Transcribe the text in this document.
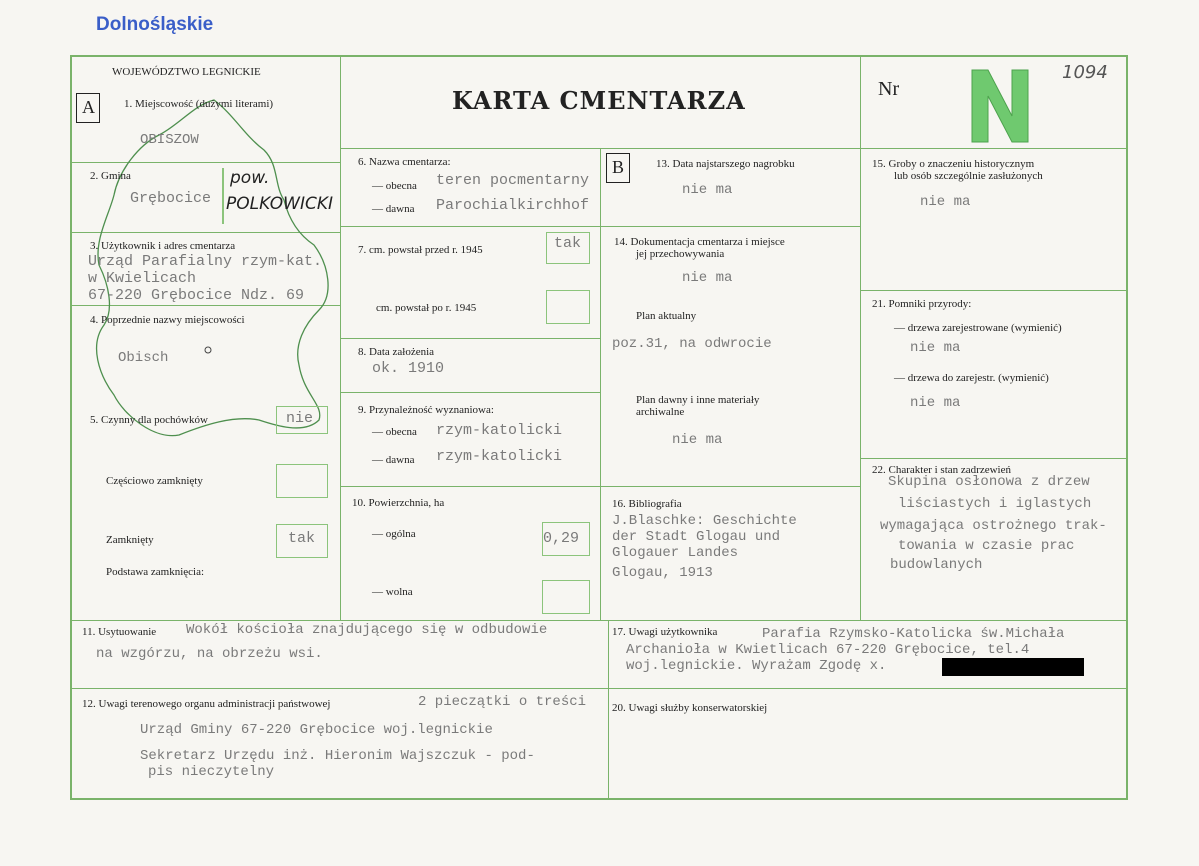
Dolnośląskie
WOJEWÓDZTWO LEGNICKIE
KARTA CMENTARZA	Nr
1094
A	1. Miejscowość (dużymi literami)
OBISZOW
2. Gmina
Grębocice
pow.
POLKOWICKI
3. Użytkownik i adres cmentarza
Urząd Parafialny rzym-kat.
w Kwielicach
67-220 Grębocice Ndz. 69
4. Poprzednie nazwy miejscowości
Obisch
5. Czynny dla pochówków	nie
Częściowo zamknięty
Zamknięty	tak
Podstawa zamknięcia:
6. Nazwa cmentarza:
— obecna teren pocmentarny
— dawna Parochialkirchhof
7. cm. powstał przed r. 1945	tak
cm. powstał po r. 1945
8. Data założenia
ok. 1910
9. Przynależność wyznaniowa:
— obecna rzym-katolicki
— dawna rzym-katolicki
10. Powierzchnia, ha
— ogólna	0,29
— wolna
B	13. Data najstarszego nagrobku
nie ma
14. Dokumentacja cmentarza i miejsce
jej przechowywania
nie ma
Plan aktualny
poz.31, na odwrocie
Plan dawny i inne materiały
archiwalne
nie ma
15. Groby o znaczeniu historycznym
lub osób szczególnie zasłużonych
nie ma
16. Bibliografia
J.Blaschke: Geschichte
der Stadt Glogau und
Glogauer Landes
Glogau, 1913
21. Pomniki przyrody:
— drzewa zarejestrowane (wymienić)
nie ma
— drzewa do zarejestr. (wymienić)
nie ma
22. Charakter i stan zadrzewień
Skupina osłonowa z drzew
liściastych i iglastych
wymagająca ostrożnego trak-
towania w czasie prac
budowlanych
11. Usytuowanie Wokół kościoła znajdującego się w odbudowie
na wzgórzu, na obrzeżu wsi.
17. Uwagi użytkownika	Parafia Rzymsko-Katolicka św.Michała
Archanioła w Kwietlicach 67-220 Grębocice, tel.4
woj.legnickie. Wyrażam Zgodę x.
12. Uwagi terenowego organu administracji państwowej	2 pieczątki o treści
Urząd Gminy 67-220 Grębocice woj.legnickie
Sekretarz Urzędu inż. Hieronim Wajszczuk - pod-
pis nieczytelny
20. Uwagi służby konserwatorskiej
